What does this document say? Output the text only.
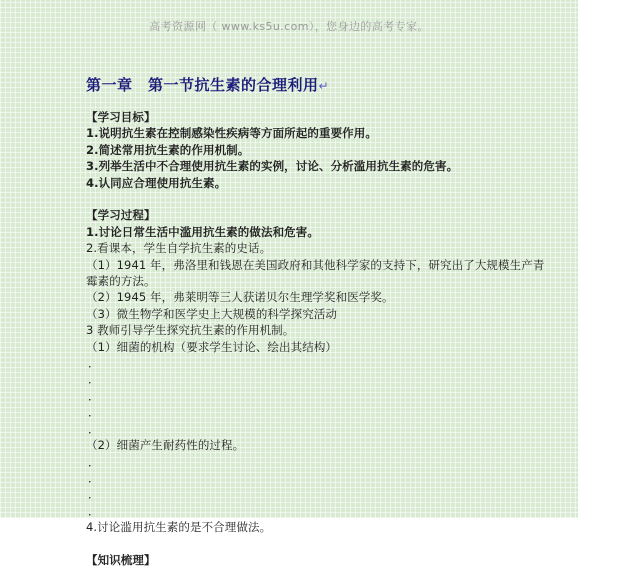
高考资源网（ www.ks5u.com），您身边的高考专家。
第一章　第一节抗生素的合理利用↵
【学习目标】
1.说明抗生素在控制感染性疾病等方面所起的重要作用。
2.简述常用抗生素的作用机制。
3.列举生活中不合理使用抗生素的实例，讨论、分析滥用抗生素的危害。
4.认同应合理使用抗生素。
【学习过程】
1.讨论日常生活中滥用抗生素的做法和危害。
2.看课本，学生自学抗生素的史话。
（1）1941 年，弗洛里和钱恩在美国政府和其他科学家的支持下，研究出了大规模生产青霉素的方法。
（2）1945 年，弗莱明等三人获诺贝尔生理学奖和医学奖。
（3）微生物学和医学史上大规模的科学探究活动
3 教师引导学生探究抗生素的作用机制。
（1）细菌的机构（要求学生讨论、绘出其结构）
．
．
．
．
．
（2）细菌产生耐药性的过程。
．
．
．
．
4.讨论滥用抗生素的是不合理做法。
【知识梳理】
